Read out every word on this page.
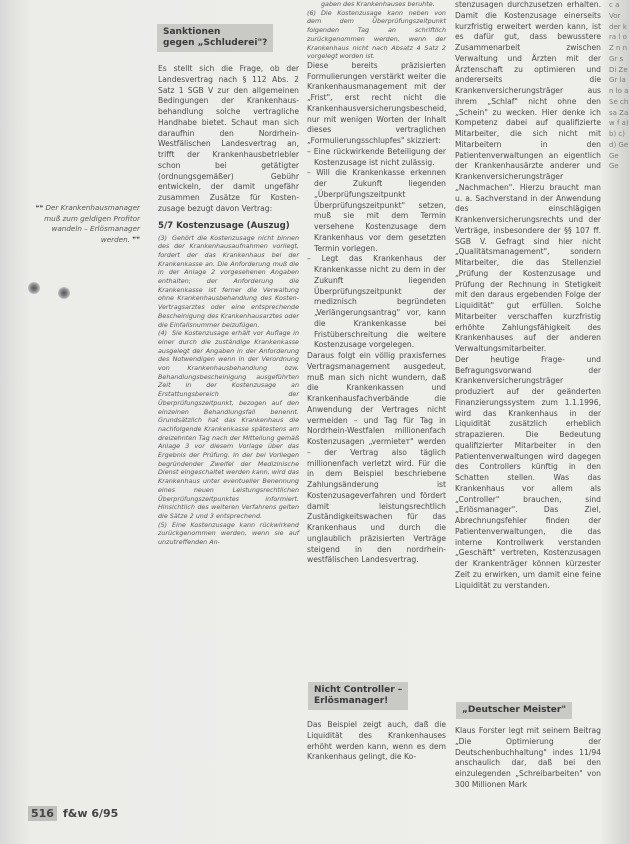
Sanktionen
gegen „Schluderei"?

Es stellt sich die Frage, ob der Landesvertrag nach § 112 Abs. 2 Satz 1 SGB V zur den allgemeinen Bedingungen der Krankenhaus-behandlung solche vertragliche Handhabe bietet. Schaut man sich daraufhin den Nordrhein-Westfälischen Landesvertrag an, trifft der Krankenhausbetriebler schon bei getätigter (ordnungsgemäßer) Gebühr entwickeln, der damit ungefähr zusammen Zusätze für Kosten-zusage bezugt davon Vertrag:

5/7 Kostenzusage (Auszug)

(3) Gehört die Kostenzusage nicht binnen des der Krankenhausaufnahmen vorliegt, fordert der das Krankenhaus bei der Krankenkasse an. Die Anforderung muß die in der Anlage 2 vorgesehenen Angaben enthalten; der Anforderung die Krankenkasse ist ferner die Verwaltung ohne Krankenhausbehandlung des Kosten-Vertragsarztes oder eine entsprechende Bescheinigung des Krankenhausarztes oder die Einfallsnummer beizufügen.

(4) Sie Kostenzusage erhält vor Auflage in einer durch die zuständige Krankenkasse ausgelegt der Angaben in der Anforderung des Notwendigen wenn in der Verordnung von Krankenhausbehandlung bzw. Behandlungsbescheinigung ausgeführten Zeit in der Kostenzusage an Erstattungsbereich der Überprüfungszeitpunkt, bezogen auf den einzelnen Behandlungsfall benennt. Grundsätzlich hat das Krankenhaus die nachfolgende Krankenkasse spätestens am dreizehnten Tag nach der Mitteilung gemäß Anlage 3 vor diesem Vorlage über das Ergebnis der Prüfung. In der bei Vorliegen begründender Zweifel der Medizinische Dienst eingeschaltet werden kann, wird das Krankenhaus unter eventueller Benennung eines neuen Leistungsrechtlichen Überprüfungszeitpunktes informiert. Hinsichtlich des weiteren Verfahrens gelten die Sätze 2 und 3 entsprechend.

(5) Eine Kostenzusage kann rückwirkend zurückgenommen werden, wenn sie auf unzutreffenden An-

❝❝ Der Krankenhausmanager muß zum geldigen Profitor wandeln – Erlösmanager werden. ❞❞

gaben des Krankenhauses beruhte.

(6) Die Kostenzusage kann neben von dem dem Überprüfungszeitpunkt folgenden Tag an schriftlich zurückgenommen werden, wenn der Krankenhaus nicht nach Absatz 4 Satz 2 vorgelegt worden ist.

Diese bereits präzisierten Formulierungen verstärkt weiter die Krankenhausmanagement mit der „Frist", erst recht nicht die Krankenhausversicherungsbescheid, nur mit wenigen Worten der Inhalt dieses vertraglichen „Formulierungsschlupfes" skizziert:

– Eine rückwirkende Beteiligung der Kostenzusage ist nicht zulässig.

– Will die Krankenkasse erkennen der Zukunft liegenden „Überprüfungszeitpunkt Überprüfungszeitpunkt" setzen, muß sie mit dem Termin versehene Kostenzusage dem Krankenhaus vor dem gesetzten Termin vorlegen.

– Legt das Krankenhaus der Krankenkasse nicht zu dem in der Zukunft liegenden Überprüfungszeitpunkt der mediznisch begründeten „Verlängerungsantrag" vor, kann die Krankenkasse bei Fristüberschreitung die weitere Kostenzusage vorgelegen.

Daraus folgt ein völlig praxisfernes Vertragsmanagement ausgedeut, muß man sich nicht wundern, daß die Krankenkassen und Krankenhausfachverbände die Anwendung der Vertrages nicht vermeiden – und Tag für Tag in Nordrhein-Westfalen millionenfach Kostenzusagen „vermieteт" werden – der Vertrag also täglich millionenfach verletzt wird. Für die in dem Beispiel beschriebene Zahlungsänderung ist Kostenzusageverfahren und fördert damit leistungsrechtlich Zuständigkeitswachen für das Krankenhaus und durch die unglaublich präzisierten Verträge steigend in den nordrhein-westfälischen Landesvertrag.

Nicht Controller –
Erlösmanager!

Das Beispiel zeigt auch, daß die Liquidität des Krankenhauses erhöht werden kann, wenn es dem Krankenhaus gelingt, die Ko-

stenzusagen durchzusetzen erhalten. Damit die Kostenzusage einerseits kurzfristig erweitert werden kann, ist es dafür gut, dass bewusstere Zusammenarbeit zwischen Verwaltung und Ärzten mit der Ärztenschaft zu optimieren und andererseits die Krankenversicherungsträger aus ihrem „Schlaf" nicht ohne den „Schein" zu wecken. Hier denke ich Kompetenz dabei auf qualifizierte Mitarbeiter, die sich nicht mit Mitarbeitern in den Patientenverwaltungen an eigentlich der Krankenhausärzte anderer und Krankenversicherungsträger „Nachmachen". Hierzu braucht man u. a. Sachverstand in der Anwendung des einschlägigen Krankenversicherungsrechts und der Verträge, insbesondere der §§ 107 ff. SGB V. Gefragt sind hier nicht „Qualitätsmanagement", sondern Mitarbeiter, die das Stellenziel „Prüfung der Kostenzusage und Prüfung der Rechnung in Stetigkeit mit den daraus ergebenden Folge der Liquidität" gut erfüllen. Solche Mitarbeiter verschaffen kurzfristig erhöhte Zahlungsfähigkeit des Krankenhauses auf der anderen Verwaltungsmitarbeiter.

Der heutige Frage- und Befragungsvorwand der Krankenversicherungsträger produziert auf der geänderten Finanzierungssystem zum 1.1.1996, wird das Krankenhaus in der Liquidität zusätzlich erheblich strapazieren. Die Bedeutung qualifizierter Mitarbeiter in den Patientenverwaltungen wird dagegen des Controllers künftig in den Schatten stellen. Was das Krankenhaus vor allem als „Controller" brauchen, sind „Erlösmanager". Das Ziel, Abrechnungsfehler finden der Patientenverwaltungen, die das interne Kontrollwerk verstanden „Geschäft" vertreten, Kostenzusagen der Krankenträger können kürzester Zeit zu erwirken, um damit eine feine Liquidität zu verstanden.

„Deutscher Meister"

Klaus Forster legt mit seinem Beitrag „Die Optimierung der Deutschenbuchhaltung" indes 11/94 anschaulich dar, daß bei den einzulegenden „Schreibarbeiten" von 300 Millionen Mark

c a Vor der k ra l o Z n n Gr s Di Ze Gr la n lo a Se ch sa Za w f a) b) c) d) Ge Ge Ge
516 f&w 6/95
